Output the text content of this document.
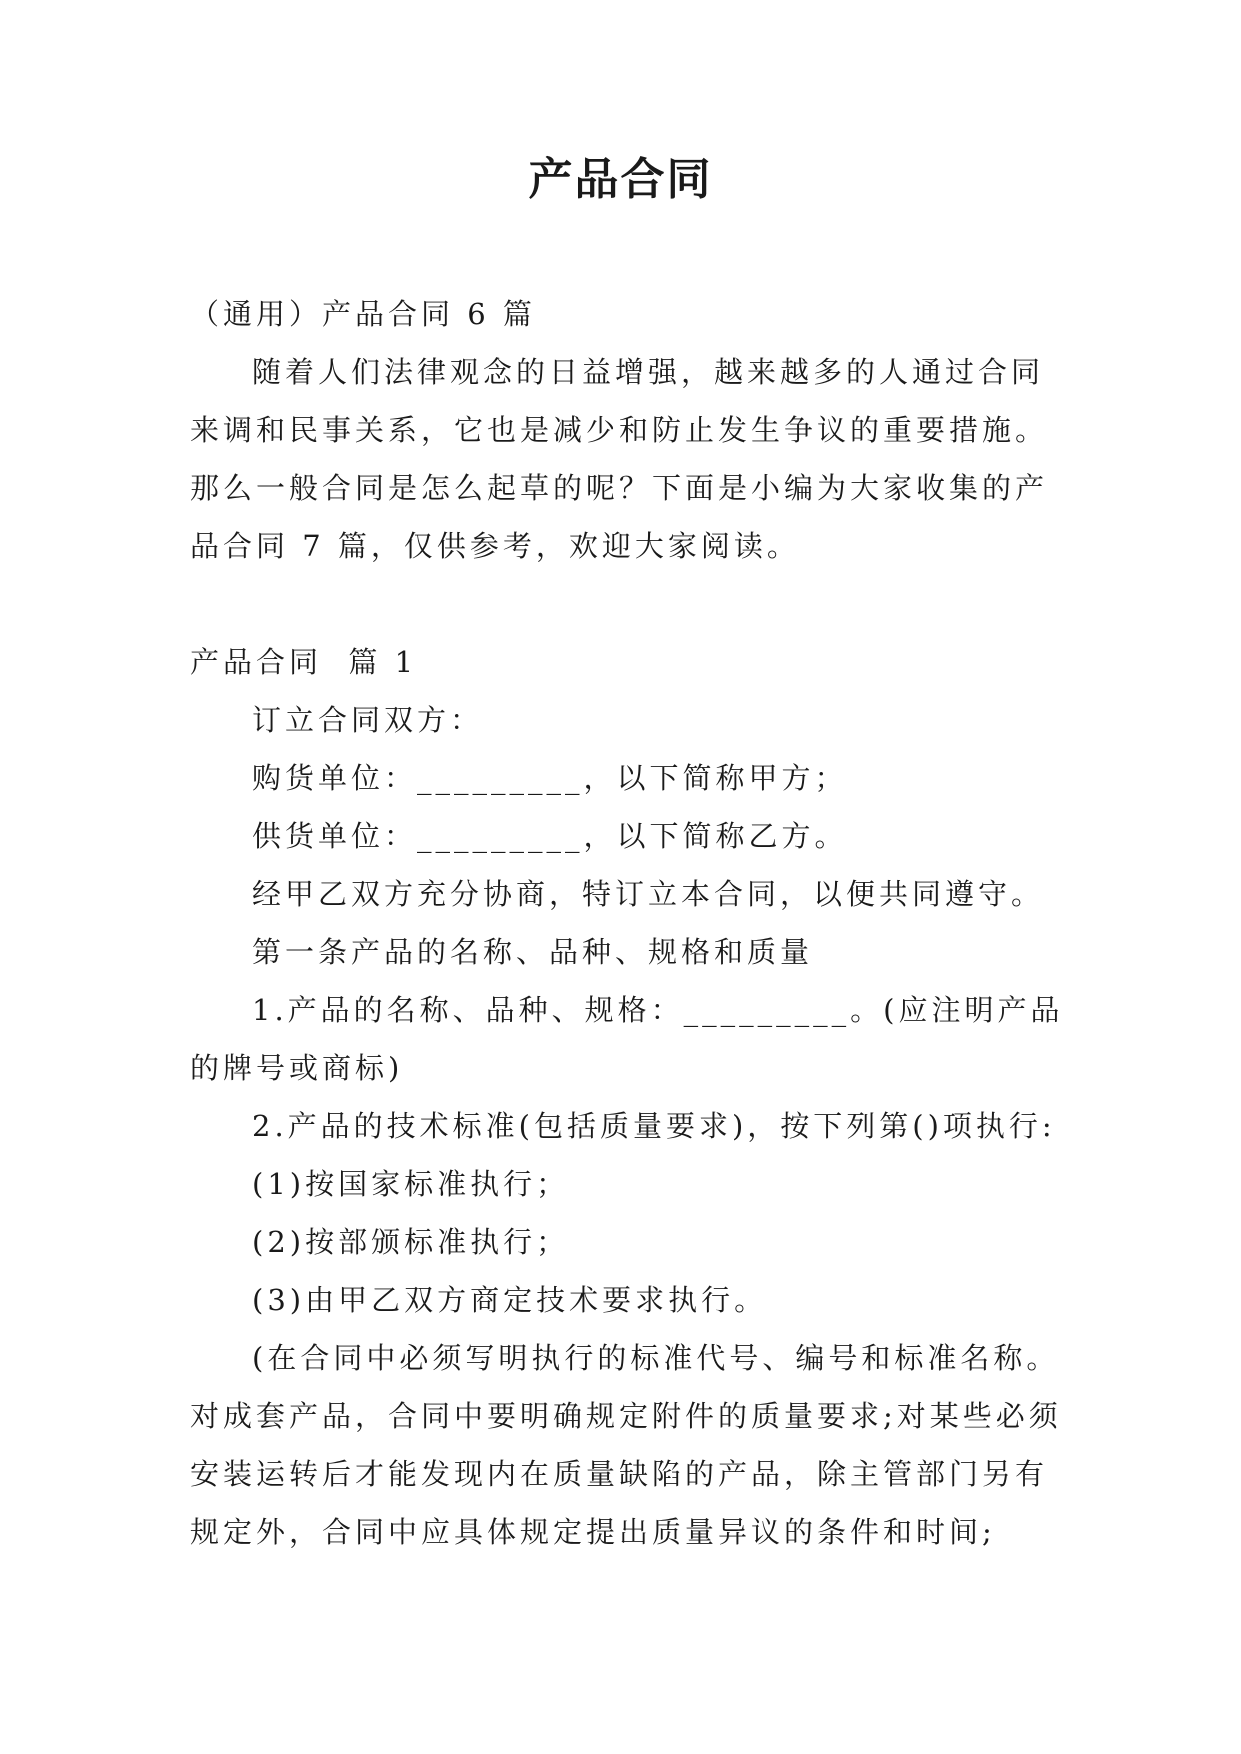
产品合同

（通用）产品合同 6 篇

随着人们法律观念的日益增强，越来越多的人通过合同来调和民事关系，它也是减少和防止发生争议的重要措施。那么一般合同是怎么起草的呢？下面是小编为大家收集的产品合同 7 篇，仅供参考，欢迎大家阅读。

产品合同  篇 1

订立合同双方：

购货单位：_________，以下简称甲方；

供货单位：_________，以下简称乙方。

经甲乙双方充分协商，特订立本合同，以便共同遵守。

第一条产品的名称、品种、规格和质量

1.产品的名称、品种、规格：_________。(应注明产品的牌号或商标)

2.产品的技术标准(包括质量要求)，按下列第()项执行:

(1)按国家标准执行；

(2)按部颁标准执行；

(3)由甲乙双方商定技术要求执行。

(在合同中必须写明执行的标准代号、编号和标准名称。对成套产品，合同中要明确规定附件的质量要求;对某些必须安装运转后才能发现内在质量缺陷的产品，除主管部门另有规定外，合同中应具体规定提出质量异议的条件和时间;
